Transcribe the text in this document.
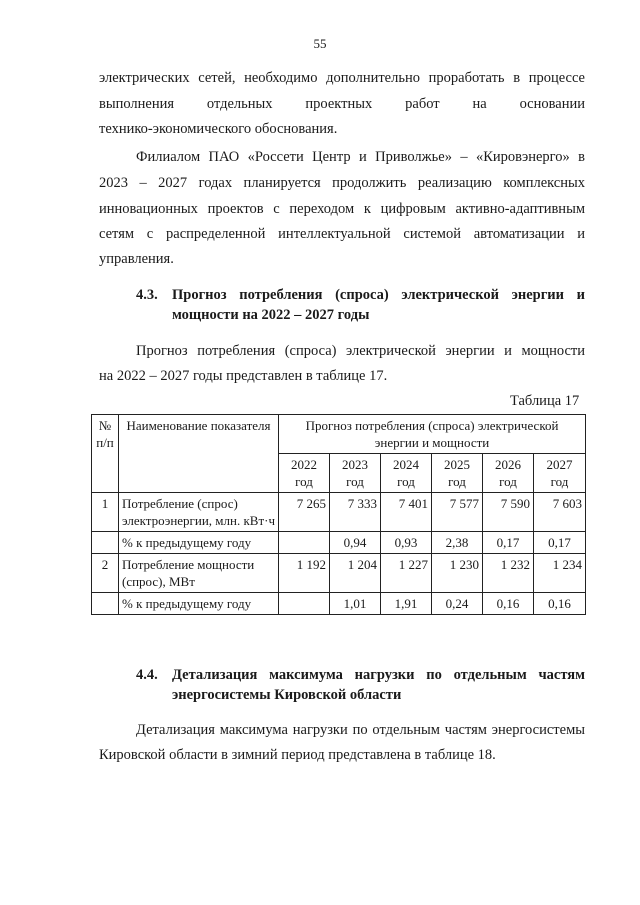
55
электрических сетей, необходимо дополнительно проработать в процессе
выполнения отдельных проектных работ на основании
технико-экономического обоснования.
Филиалом ПАО «Россети Центр и Приволжье» – «Кировэнерго» в
2023 – 2027 годах планируется продолжить реализацию комплексных
инновационных проектов с переходом к цифровым активно-адаптивным
сетям с распределенной интеллектуальной системой автоматизации и
управления.
4.3. Прогноз потребления (спроса) электрической энергии и
мощности на 2022 – 2027 годы
Прогноз потребления (спроса) электрической энергии и мощности
на 2022 – 2027 годы представлен в таблице 17.
Таблица 17
№ п/п	Наименование показателя	Прогноз потребления (спроса) электрической энергии и мощности					
		2022 год	2023 год	2024 год	2025 год	2026 год	2027 год
1	Потребление (спрос) электроэнергии, млн. кВт·ч	7 265	7 333	7 401	7 577	7 590	7 603
	% к предыдущему году		0,94	0,93	2,38	0,17	0,17
2	Потребление мощности (спрос), МВт	1 192	1 204	1 227	1 230	1 232	1 234
	% к предыдущему году		1,01	1,91	0,24	0,16	0,16
4.4. Детализация максимума нагрузки по отдельным частям
энергосистемы Кировской области
Детализация максимума нагрузки по отдельным частям энергосистемы
Кировской области в зимний период представлена в таблице 18.
